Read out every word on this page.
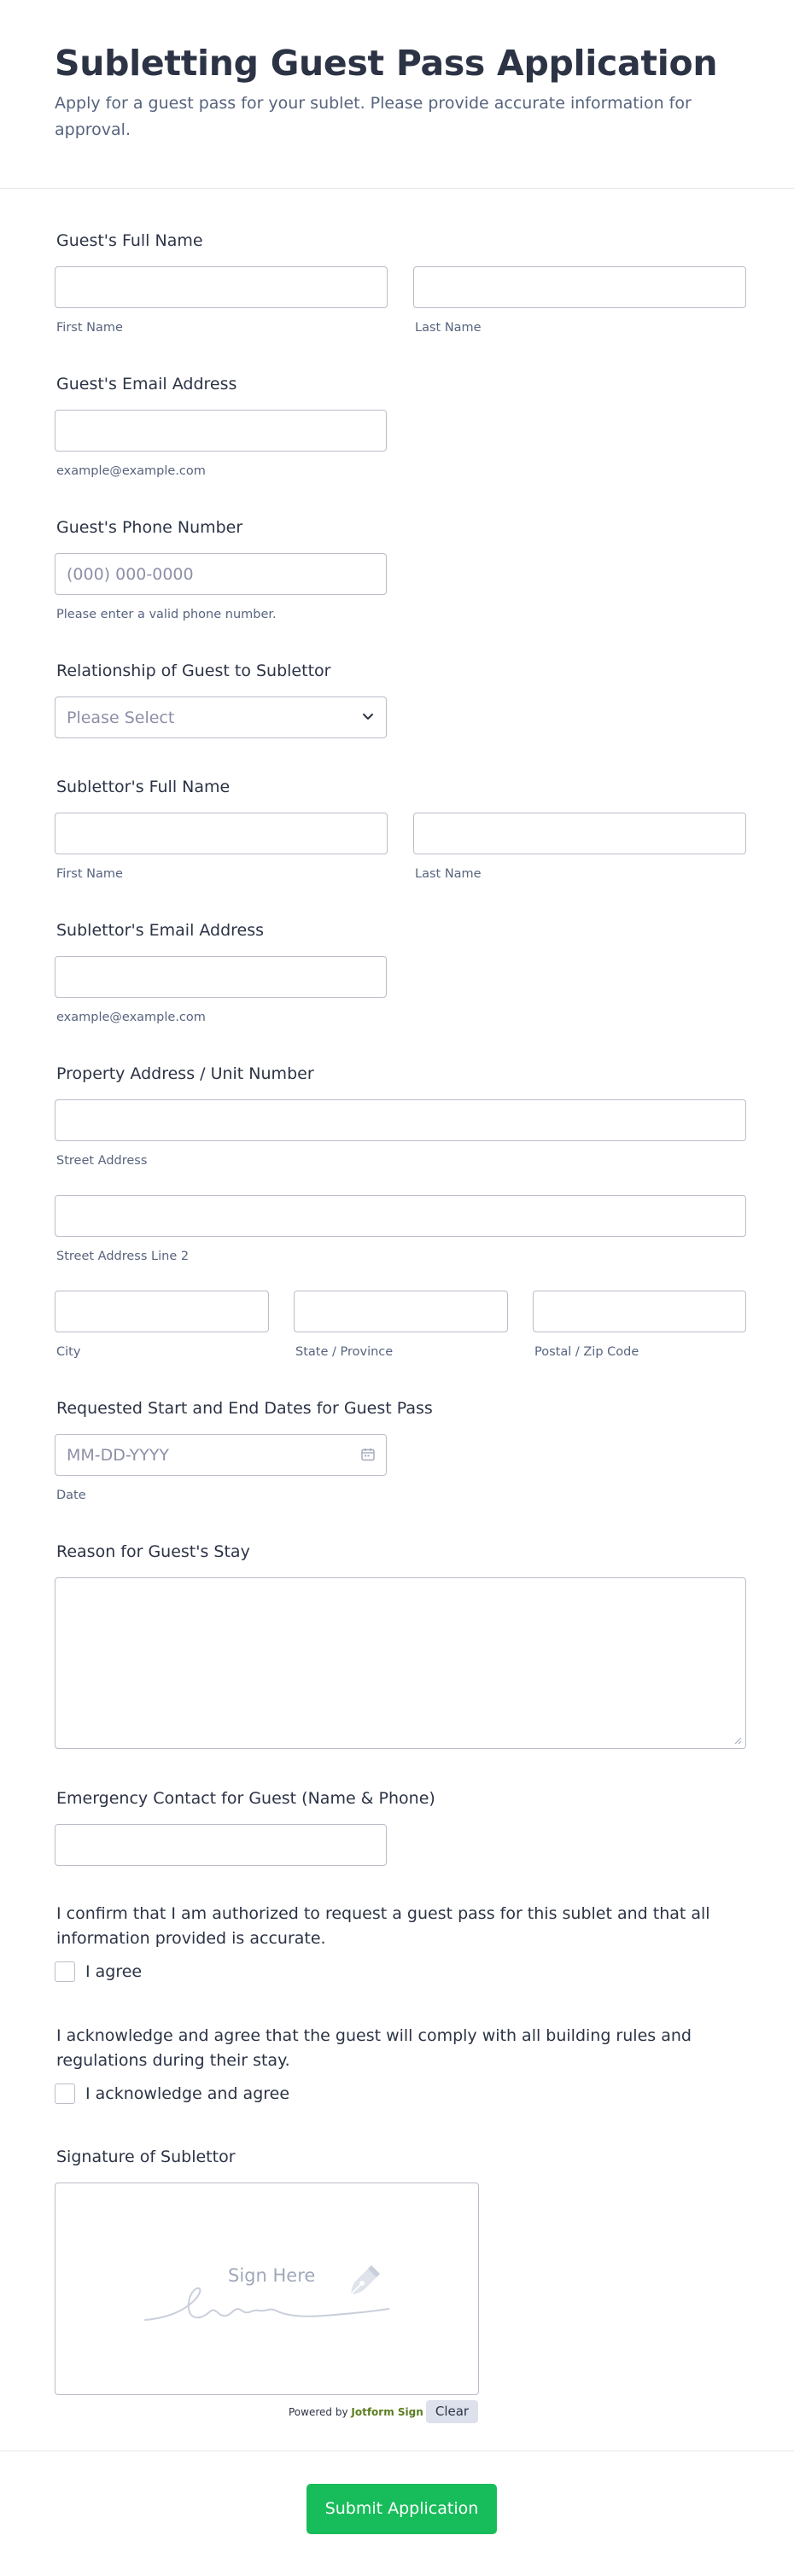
Subletting Guest Pass Application
Apply for a guest pass for your sublet. Please provide accurate information for approval.
Guest's Full Name
First Name	Last Name
Guest's Email Address
example@example.com
Guest's Phone Number
(000) 000-0000
Please enter a valid phone number.
Relationship of Guest to Sublettor
Please Select
Sublettor's Full Name
First Name	Last Name
Sublettor's Email Address
example@example.com
Property Address / Unit Number
Street Address
Street Address Line 2
City	State / Province	Postal / Zip Code
Requested Start and End Dates for Guest Pass
MM-DD-YYYY
Date
Reason for Guest's Stay
Emergency Contact for Guest (Name & Phone)
I confirm that I am authorized to request a guest pass for this sublet and that all information provided is accurate.
I agree
I acknowledge and agree that the guest will comply with all building rules and regulations during their stay.
I acknowledge and agree
Signature of Sublettor
Sign Here
Powered by Jotform Sign Clear
Submit Application
